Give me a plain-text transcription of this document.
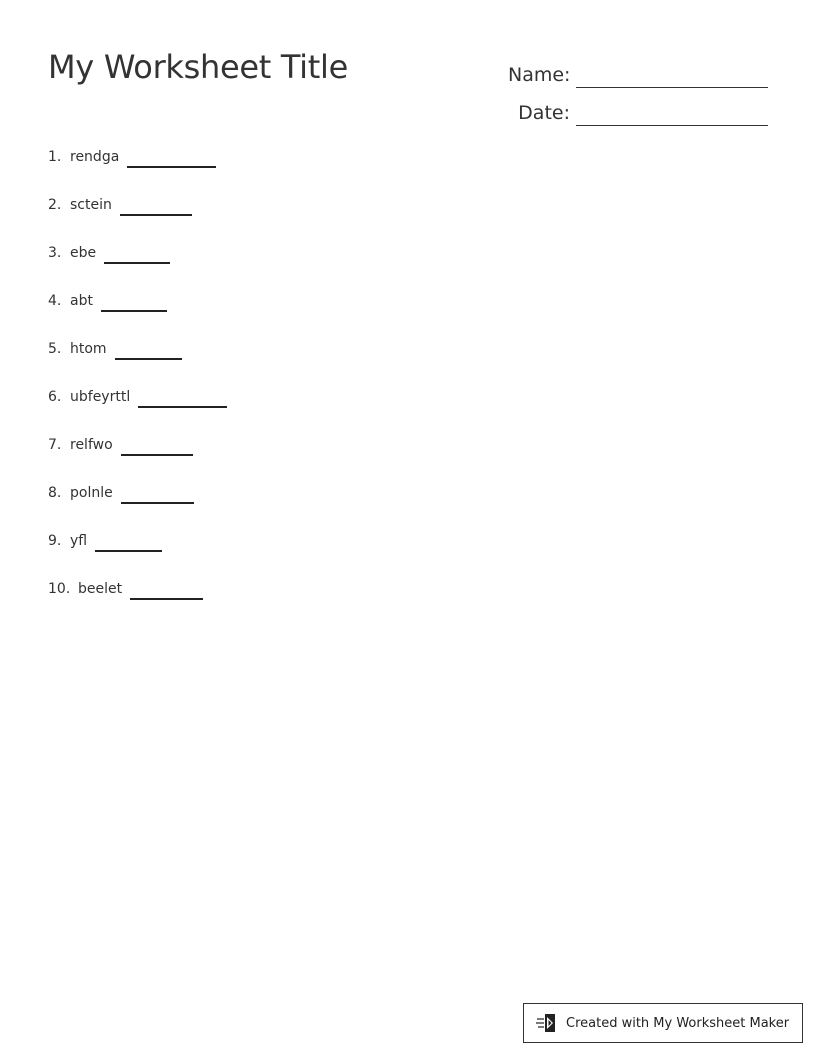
My Worksheet Title	Name:
Date:
1. rendga
2. sctein
3. ebe
4. abt
5. htom
6. ubfeyrttl
7. relfwo
8. polnle
9. yfl
10. beelet
Created with My Worksheet Maker
